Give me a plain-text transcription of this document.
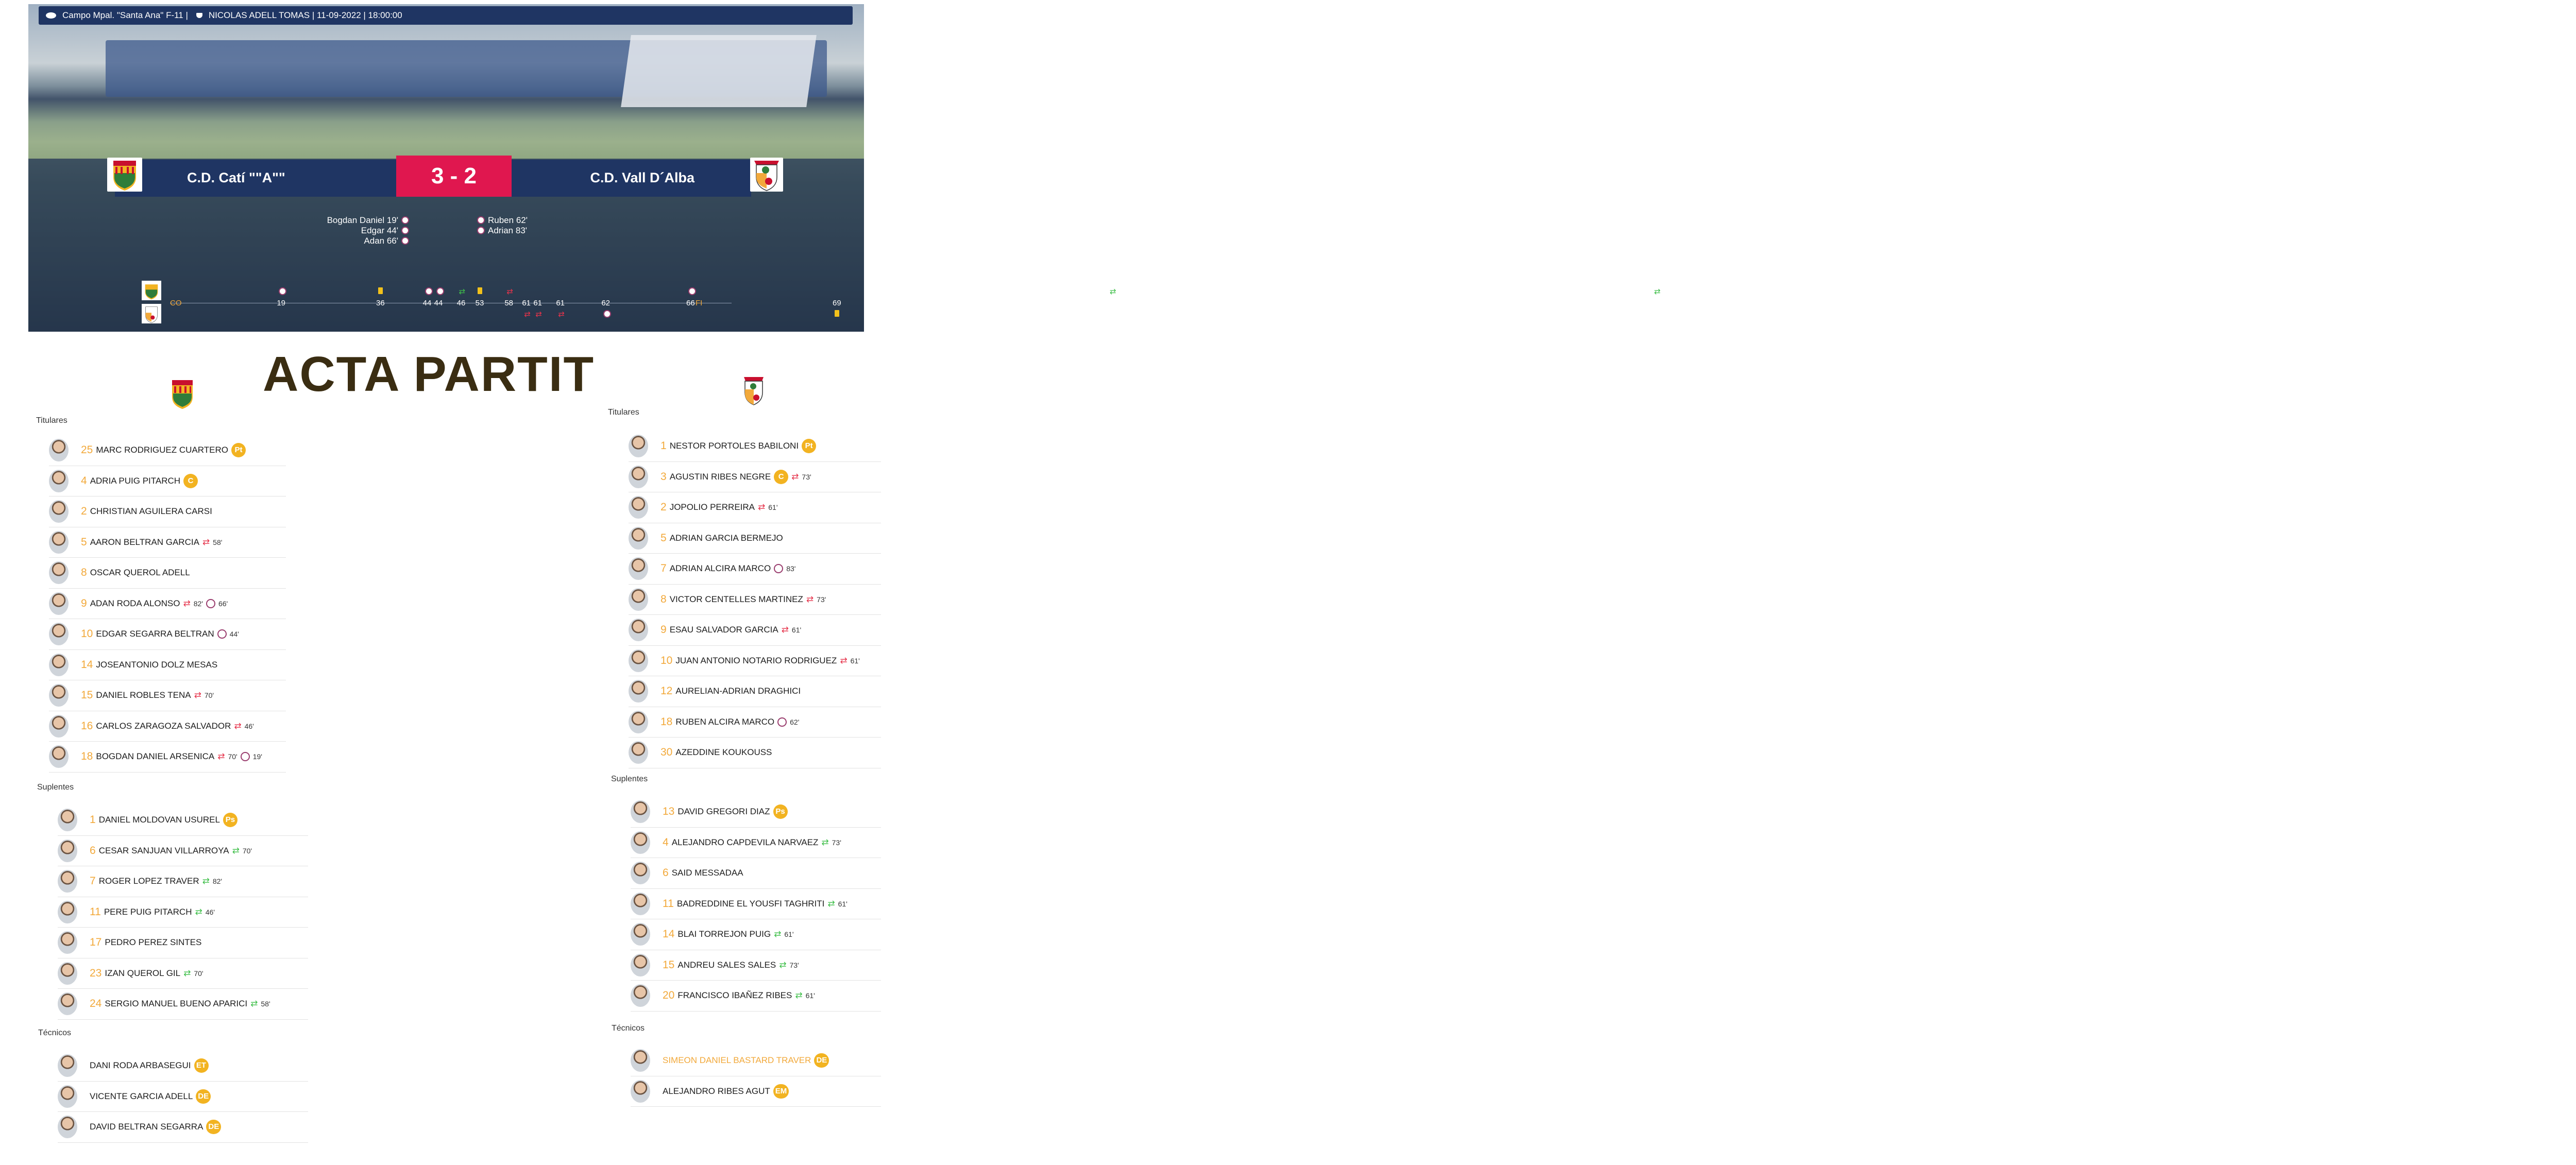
Campo Mpal. "Santa Ana" F-11 | NICOLAS ADELL TOMAS | 11-09-2022 | 18:00:00
C.D. Catí ""A""	C.D. Vall D´Alba
3 - 2
Bogdan Daniel 19'
Edgar 44'
Adan 66'
Ruben 62'
Adrian 83'
CO	FI
19	36	44 44 46
⇄ 53	58
⇄ 61
⇄ 61
⇄ 61
⇄	62	66	69	70
⇄	70
⇄
ACTA PARTIT
Titulares
25 MARC RODRIGUEZ CUARTERO Pt
4 ADRIA PUIG PITARCH C
2 CHRISTIAN AGUILERA CARSI
5 AARON BELTRAN GARCIA	⇄ 58'
8 OSCAR QUEROL ADELL
9 ADAN RODA ALONSO	⇄ 82'	66'
10 EDGAR SEGARRA BELTRAN	44'
14 JOSEANTONIO DOLZ MESAS
15 DANIEL ROBLES TENA	⇄ 70'
16 CARLOS ZARAGOZA SALVADOR	⇄ 46'
18 BOGDAN DANIEL ARSENICA	⇄ 70'	19'
Suplentes
1 DANIEL MOLDOVAN USUREL Ps
6 CESAR SANJUAN VILLARROYA	⇄ 70'
7 ROGER LOPEZ TRAVER	⇄ 82'
11 PERE PUIG PITARCH	⇄ 46'
17 PEDRO PEREZ SINTES
23 IZAN QUEROL GIL	⇄ 70'
24 SERGIO MANUEL BUENO APARICI	⇄ 58'
Técnicos
DANI RODA ARBASEGUI ET
VICENTE GARCIA ADELL DE
DAVID BELTRAN SEGARRA DE
Titulares
1 NESTOR PORTOLES BABILONI Pt
3 AGUSTIN RIBES NEGRE C	⇄ 73'
2 JOPOLIO PERREIRA	⇄ 61'
5 ADRIAN GARCIA BERMEJO
7 ADRIAN ALCIRA MARCO	83'
8 VICTOR CENTELLES MARTINEZ	⇄ 73'
9 ESAU SALVADOR GARCIA	⇄ 61'
10 JUAN ANTONIO NOTARIO RODRIGUEZ	⇄ 61'
12 AURELIAN-ADRIAN DRAGHICI
18 RUBEN ALCIRA MARCO	62'
30 AZEDDINE KOUKOUSS
Suplentes
13 DAVID GREGORI DIAZ Ps
4 ALEJANDRO CAPDEVILA NARVAEZ	⇄ 73'
6 SAID MESSADAA
11 BADREDDINE EL YOUSFI TAGHRITI	⇄ 61'
14 BLAI TORREJON PUIG	⇄ 61'
15 ANDREU SALES SALES	⇄ 73'
20 FRANCISCO IBAÑEZ RIBES	⇄ 61'
Técnicos
SIMEON DANIEL BASTARD TRAVER DE
ALEJANDRO RIBES AGUT EM
